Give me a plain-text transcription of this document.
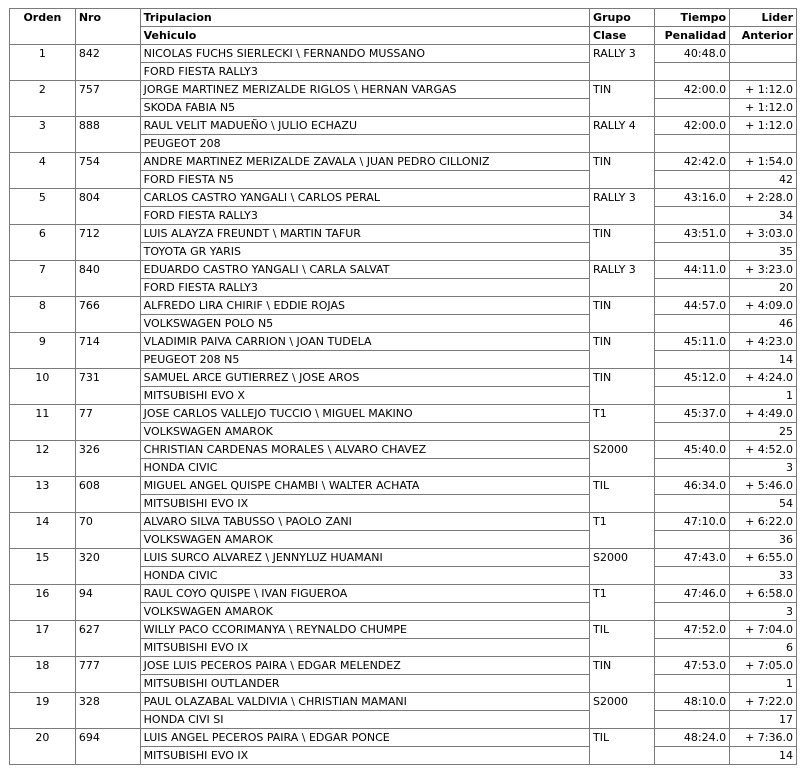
Orden	Nro	Tripulacion	Grupo	Tiempo	Lider
		Vehiculo	Clase	Penalidad	Anterior
1	842	NICOLAS FUCHS SIERLECKI \ FERNANDO MUSSANO	RALLY 3	40:48.0	
		FORD FIESTA RALLY3			
2	757	JORGE MARTINEZ MERIZALDE RIGLOS \ HERNAN VARGAS	TIN	42:00.0	+ 1:12.0
		SKODA FABIA N5			+ 1:12.0
3	888	RAUL VELIT MADUEÑO \ JULIO ECHAZU	RALLY 4	42:00.0	+ 1:12.0
		PEUGEOT 208			
4	754	ANDRE MARTINEZ MERIZALDE ZAVALA \ JUAN PEDRO CILLONIZ	TIN	42:42.0	+ 1:54.0
		FORD FIESTA N5			42
5	804	CARLOS CASTRO YANGALI \ CARLOS PERAL	RALLY 3	43:16.0	+ 2:28.0
		FORD FIESTA RALLY3			34
6	712	LUIS ALAYZA FREUNDT \ MARTIN TAFUR	TIN	43:51.0	+ 3:03.0
		TOYOTA GR YARIS			35
7	840	EDUARDO CASTRO YANGALI \ CARLA SALVAT	RALLY 3	44:11.0	+ 3:23.0
		FORD FIESTA RALLY3			20
8	766	ALFREDO LIRA CHIRIF \ EDDIE ROJAS	TIN	44:57.0	+ 4:09.0
		VOLKSWAGEN POLO N5			46
9	714	VLADIMIR PAIVA CARRION \ JOAN TUDELA	TIN	45:11.0	+ 4:23.0
		PEUGEOT 208 N5			14
10	731	SAMUEL ARCE GUTIERREZ \ JOSE AROS	TIN	45:12.0	+ 4:24.0
		MITSUBISHI EVO X			1
11	77	JOSE CARLOS VALLEJO TUCCIO \ MIGUEL MAKINO	T1	45:37.0	+ 4:49.0
		VOLKSWAGEN AMAROK			25
12	326	CHRISTIAN CARDENAS MORALES \ ALVARO CHAVEZ	S2000	45:40.0	+ 4:52.0
		HONDA CIVIC			3
13	608	MIGUEL ANGEL QUISPE CHAMBI \ WALTER ACHATA	TIL	46:34.0	+ 5:46.0
		MITSUBISHI EVO IX			54
14	70	ALVARO SILVA TABUSSO \ PAOLO ZANI	T1	47:10.0	+ 6:22.0
		VOLKSWAGEN AMAROK			36
15	320	LUIS SURCO ALVAREZ \ JENNYLUZ HUAMANI	S2000	47:43.0	+ 6:55.0
		HONDA CIVIC			33
16	94	RAUL COYO QUISPE \ IVAN FIGUEROA	T1	47:46.0	+ 6:58.0
		VOLKSWAGEN AMAROK			3
17	627	WILLY PACO CCORIMANYA \ REYNALDO CHUMPE	TIL	47:52.0	+ 7:04.0
		MITSUBISHI EVO IX			6
18	777	JOSE LUIS PECEROS PAIRA \ EDGAR MELENDEZ	TIN	47:53.0	+ 7:05.0
		MITSUBISHI OUTLANDER			1
19	328	PAUL OLAZABAL VALDIVIA \ CHRISTIAN MAMANI	S2000	48:10.0	+ 7:22.0
		HONDA CIVI SI			17
20	694	LUIS ANGEL PECEROS PAIRA \ EDGAR PONCE	TIL	48:24.0	+ 7:36.0
		MITSUBISHI EVO IX			14
